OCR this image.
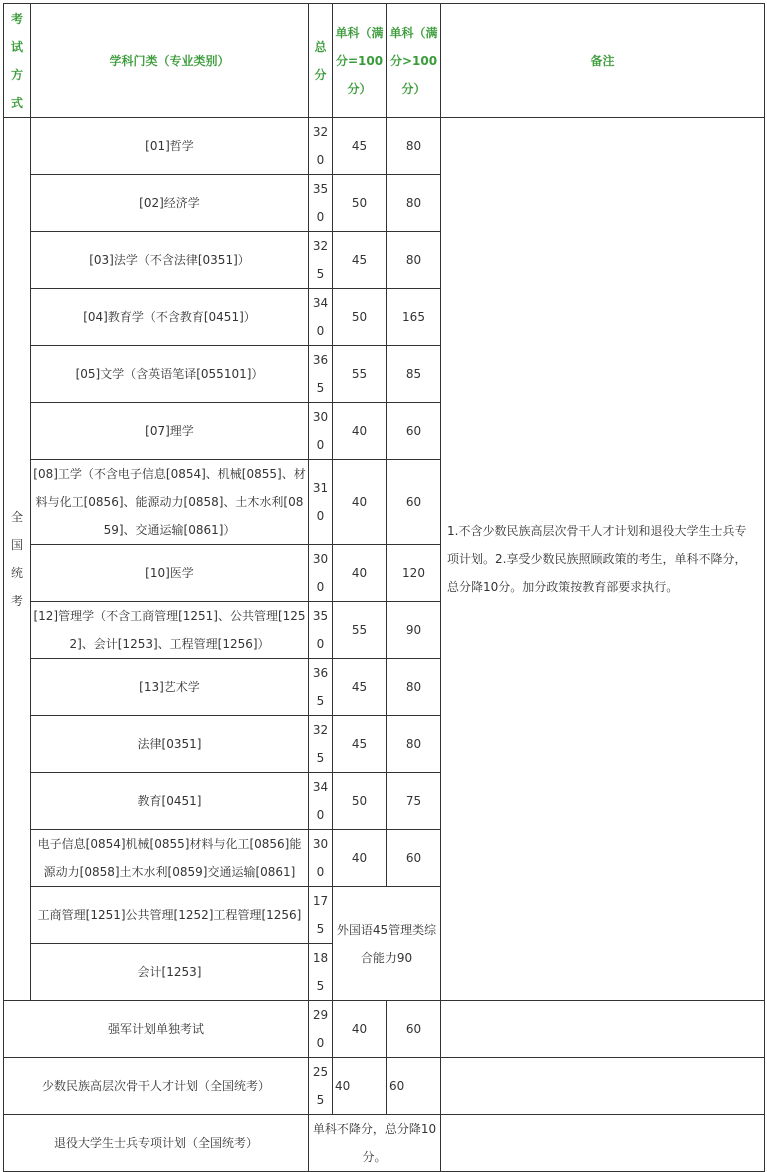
考试方式	学科门类（专业类别）	总分	单科（满分=100分）	单科（满分>100分）	备注
全国统考	[01]哲学	320	45	80	1.不含少数民族高层次骨干人才计划和退役大学生士兵专项计划。2.享受少数民族照顾政策的考生，单科不降分，总分降10分。加分政策按教育部要求执行。
	[02]经济学	350	50	80	
	[03]法学（不含法律[0351]）	325	45	80	
	[04]教育学（不含教育[0451]）	340	50	165	
	[05]文学（含英语笔译[055101]）	365	55	85	
	[07]理学	300	40	60	
	[08]工学（不含电子信息[0854]、机械[0855]、材料与化工[0856]、能源动力[0858]、土木水利[0859]、交通运输[0861]）	310	40	60	
	[10]医学	300	40	120	
	[12]管理学（不含工商管理[1251]、公共管理[1252]、会计[1253]、工程管理[1256]）	350	55	90	
	[13]艺术学	365	45	80	
	法律[0351]	325	45	80	
	教育[0451]	340	50	75	
	电子信息[0854]机械[0855]材料与化工[0856]能源动力[0858]土木水利[0859]交通运输[0861]	300	40	60	
	工商管理[1251]公共管理[1252]工程管理[1256]	175	外国语45管理类综合能力90		
	会计[1253]	185			
强军计划单独考试		290	40	60	
少数民族高层次骨干人才计划（全国统考）		255	40	60	
退役大学生士兵专项计划（全国统考）		单科不降分，总分降10分。			
